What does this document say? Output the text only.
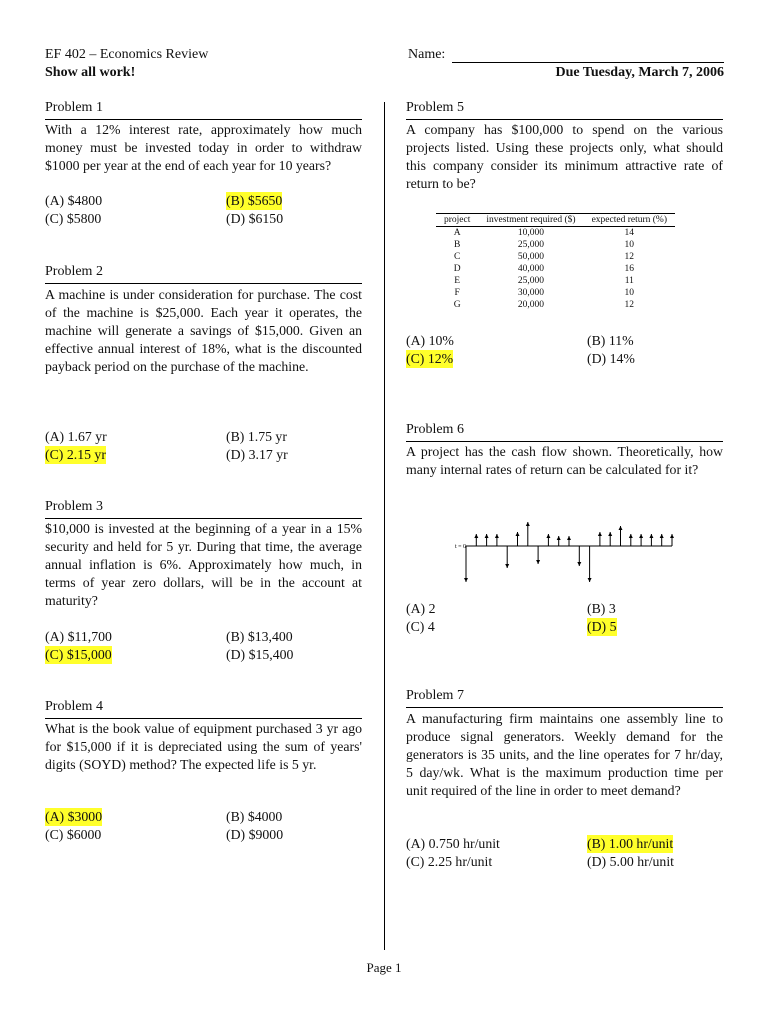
EF 402 – Economics Review
Show all work!
Name:
Due Tuesday, March 7, 2006
Problem 1
With a 12% interest rate, approximately how much money must be invested today in order to withdraw $1000 per year at the end of each year for 10 years?
(A) $4800	(B) $5650
(C) $5800	(D) $6150
Problem 2
A machine is under consideration for purchase. The cost of the machine is $25,000. Each year it operates, the machine will generate a savings of $15,000. Given an effective annual interest of 18%, what is the discounted payback period on the purchase of the machine.
(A) 1.67 yr	(B) 1.75 yr
(C) 2.15 yr	(D) 3.17 yr
Problem 3
$10,000 is invested at the beginning of a year in a 15% security and held for 5 yr. During that time, the average annual inflation is 6%. Approximately how much, in terms of year zero dollars, will be in the account at maturity?
(A) $11,700	(B) $13,400
(C) $15,000	(D) $15,400
Problem 4
What is the book value of equipment purchased 3 yr ago for $15,000 if it is depreciated using the sum of years' digits (SOYD) method? The expected life is 5 yr.
(A) $3000	(B) $4000
(C) $6000	(D) $9000
Problem 5
A company has $100,000 to spend on the various projects listed. Using these projects only, what should this company consider its minimum attractive rate of return to be?
project	investment required ($)	expected return (%)
A	10,000	14
B	25,000	10
C	50,000	12
D	40,000	16
E	25,000	11
F	30,000	10
G	20,000	12
(A) 10%	(B) 11%
(C) 12%	(D) 14%
Problem 6
A project has the cash flow shown. Theoretically, how many internal rates of return can be calculated for it?
t = 0
(A) 2	(B) 3
(C) 4	(D) 5
Problem 7
A manufacturing firm maintains one assembly line to produce signal generators. Weekly demand for the generators is 35 units, and the line operates for 7 hr/day, 5 day/wk. What is the maximum production time per unit required of the line in order to meet demand?
(A) 0.750 hr/unit	(B) 1.00 hr/unit
(C) 2.25 hr/unit	(D) 5.00 hr/unit
Page 1
